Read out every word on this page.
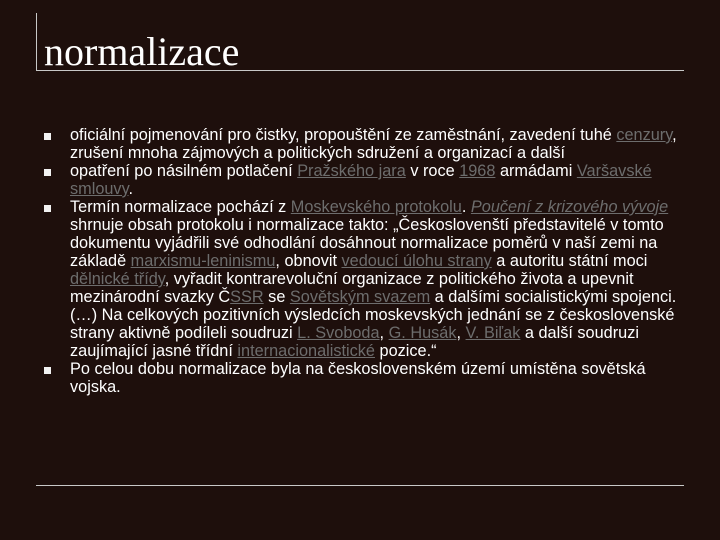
normalizace
oficiální pojmenování pro čistky, propouštění ze zaměstnání, zavedení tuhé cenzury, zrušení mnoha zájmových a politických sdružení a organizací a další
opatření po násilném potlačení Pražského jara v roce 1968 armádami Varšavské smlouvy.
Termín normalizace pochází z Moskevského protokolu. Poučení z krizového vývoje shrnuje obsah protokolu i normalizace takto: „Českoslovenští představitelé v tomto dokumentu vyjádřili své odhodlání dosáhnout normalizace poměrů v naší zemi na základě marxismu-leninismu, obnovit vedoucí úlohu strany a autoritu státní moci dělnické třídy, vyřadit kontrarevoluční organizace z politického života a upevnit mezinárodní svazky ČSSR se Sovětským svazem a dalšími socialistickými spojenci. (…) Na celkových pozitivních výsledcích moskevských jednání se z československé strany aktivně podíleli soudruzi L. Svoboda, G. Husák, V. Biľak a další soudruzi zaujímající jasné třídní internacionalistické pozice.“
Po celou dobu normalizace byla na československém území umístěna sovětská vojska.
